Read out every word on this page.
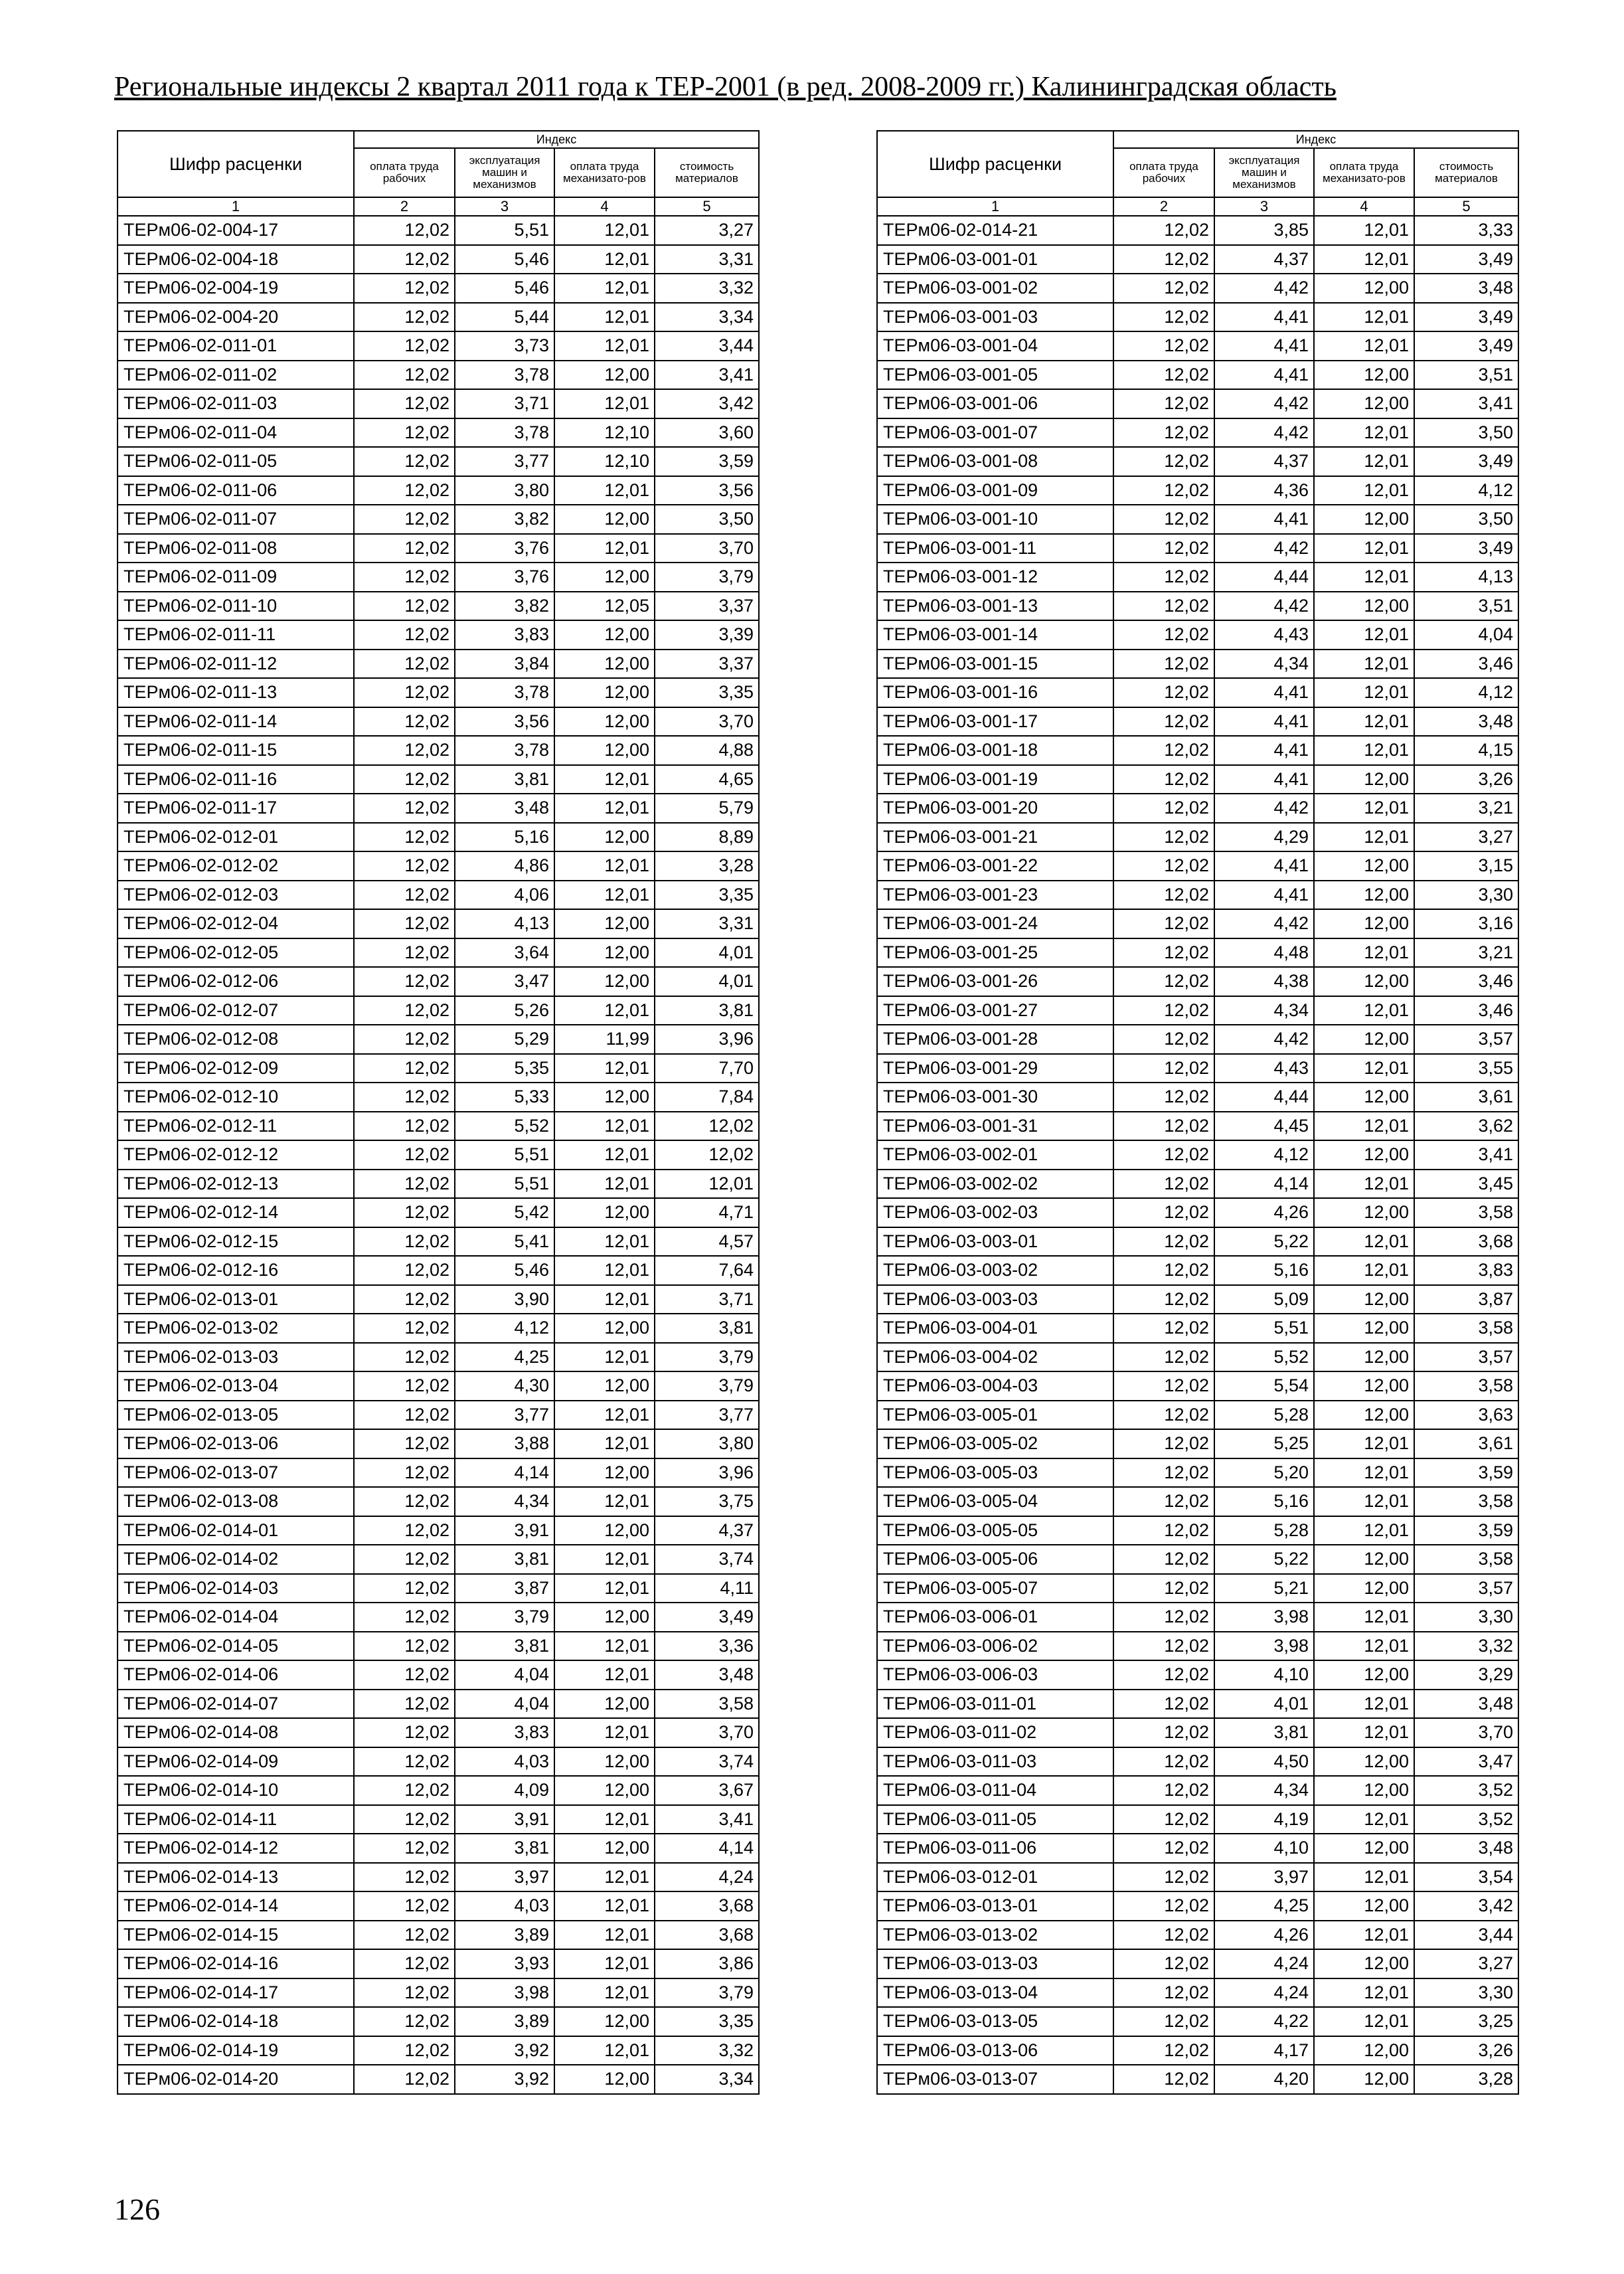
Региональные индексы 2 квартал 2011 года к ТЕР-2001 (в ред. 2008-2009 гг.) Калининградская область
Шифр расценки	Индекс			
	оплата труда рабочих	эксплуатация машин и механизмов	оплата труда механизато-ров	стоимость материалов
1	2	3	4	5
ТЕРм06-02-004-17	12,02	5,51	12,01	3,27
ТЕРм06-02-004-18	12,02	5,46	12,01	3,31
ТЕРм06-02-004-19	12,02	5,46	12,01	3,32
ТЕРм06-02-004-20	12,02	5,44	12,01	3,34
ТЕРм06-02-011-01	12,02	3,73	12,01	3,44
ТЕРм06-02-011-02	12,02	3,78	12,00	3,41
ТЕРм06-02-011-03	12,02	3,71	12,01	3,42
ТЕРм06-02-011-04	12,02	3,78	12,10	3,60
ТЕРм06-02-011-05	12,02	3,77	12,10	3,59
ТЕРм06-02-011-06	12,02	3,80	12,01	3,56
ТЕРм06-02-011-07	12,02	3,82	12,00	3,50
ТЕРм06-02-011-08	12,02	3,76	12,01	3,70
ТЕРм06-02-011-09	12,02	3,76	12,00	3,79
ТЕРм06-02-011-10	12,02	3,82	12,05	3,37
ТЕРм06-02-011-11	12,02	3,83	12,00	3,39
ТЕРм06-02-011-12	12,02	3,84	12,00	3,37
ТЕРм06-02-011-13	12,02	3,78	12,00	3,35
ТЕРм06-02-011-14	12,02	3,56	12,00	3,70
ТЕРм06-02-011-15	12,02	3,78	12,00	4,88
ТЕРм06-02-011-16	12,02	3,81	12,01	4,65
ТЕРм06-02-011-17	12,02	3,48	12,01	5,79
ТЕРм06-02-012-01	12,02	5,16	12,00	8,89
ТЕРм06-02-012-02	12,02	4,86	12,01	3,28
ТЕРм06-02-012-03	12,02	4,06	12,01	3,35
ТЕРм06-02-012-04	12,02	4,13	12,00	3,31
ТЕРм06-02-012-05	12,02	3,64	12,00	4,01
ТЕРм06-02-012-06	12,02	3,47	12,00	4,01
ТЕРм06-02-012-07	12,02	5,26	12,01	3,81
ТЕРм06-02-012-08	12,02	5,29	11,99	3,96
ТЕРм06-02-012-09	12,02	5,35	12,01	7,70
ТЕРм06-02-012-10	12,02	5,33	12,00	7,84
ТЕРм06-02-012-11	12,02	5,52	12,01	12,02
ТЕРм06-02-012-12	12,02	5,51	12,01	12,02
ТЕРм06-02-012-13	12,02	5,51	12,01	12,01
ТЕРм06-02-012-14	12,02	5,42	12,00	4,71
ТЕРм06-02-012-15	12,02	5,41	12,01	4,57
ТЕРм06-02-012-16	12,02	5,46	12,01	7,64
ТЕРм06-02-013-01	12,02	3,90	12,01	3,71
ТЕРм06-02-013-02	12,02	4,12	12,00	3,81
ТЕРм06-02-013-03	12,02	4,25	12,01	3,79
ТЕРм06-02-013-04	12,02	4,30	12,00	3,79
ТЕРм06-02-013-05	12,02	3,77	12,01	3,77
ТЕРм06-02-013-06	12,02	3,88	12,01	3,80
ТЕРм06-02-013-07	12,02	4,14	12,00	3,96
ТЕРм06-02-013-08	12,02	4,34	12,01	3,75
ТЕРм06-02-014-01	12,02	3,91	12,00	4,37
ТЕРм06-02-014-02	12,02	3,81	12,01	3,74
ТЕРм06-02-014-03	12,02	3,87	12,01	4,11
ТЕРм06-02-014-04	12,02	3,79	12,00	3,49
ТЕРм06-02-014-05	12,02	3,81	12,01	3,36
ТЕРм06-02-014-06	12,02	4,04	12,01	3,48
ТЕРм06-02-014-07	12,02	4,04	12,00	3,58
ТЕРм06-02-014-08	12,02	3,83	12,01	3,70
ТЕРм06-02-014-09	12,02	4,03	12,00	3,74
ТЕРм06-02-014-10	12,02	4,09	12,00	3,67
ТЕРм06-02-014-11	12,02	3,91	12,01	3,41
ТЕРм06-02-014-12	12,02	3,81	12,00	4,14
ТЕРм06-02-014-13	12,02	3,97	12,01	4,24
ТЕРм06-02-014-14	12,02	4,03	12,01	3,68
ТЕРм06-02-014-15	12,02	3,89	12,01	3,68
ТЕРм06-02-014-16	12,02	3,93	12,01	3,86
ТЕРм06-02-014-17	12,02	3,98	12,01	3,79
ТЕРм06-02-014-18	12,02	3,89	12,00	3,35
ТЕРм06-02-014-19	12,02	3,92	12,01	3,32
ТЕРм06-02-014-20	12,02	3,92	12,00	3,34
Шифр расценки	Индекс			
	оплата труда рабочих	эксплуатация машин и механизмов	оплата труда механизато-ров	стоимость материалов
1	2	3	4	5
ТЕРм06-02-014-21	12,02	3,85	12,01	3,33
ТЕРм06-03-001-01	12,02	4,37	12,01	3,49
ТЕРм06-03-001-02	12,02	4,42	12,00	3,48
ТЕРм06-03-001-03	12,02	4,41	12,01	3,49
ТЕРм06-03-001-04	12,02	4,41	12,01	3,49
ТЕРм06-03-001-05	12,02	4,41	12,00	3,51
ТЕРм06-03-001-06	12,02	4,42	12,00	3,41
ТЕРм06-03-001-07	12,02	4,42	12,01	3,50
ТЕРм06-03-001-08	12,02	4,37	12,01	3,49
ТЕРм06-03-001-09	12,02	4,36	12,01	4,12
ТЕРм06-03-001-10	12,02	4,41	12,00	3,50
ТЕРм06-03-001-11	12,02	4,42	12,01	3,49
ТЕРм06-03-001-12	12,02	4,44	12,01	4,13
ТЕРм06-03-001-13	12,02	4,42	12,00	3,51
ТЕРм06-03-001-14	12,02	4,43	12,01	4,04
ТЕРм06-03-001-15	12,02	4,34	12,01	3,46
ТЕРм06-03-001-16	12,02	4,41	12,01	4,12
ТЕРм06-03-001-17	12,02	4,41	12,01	3,48
ТЕРм06-03-001-18	12,02	4,41	12,01	4,15
ТЕРм06-03-001-19	12,02	4,41	12,00	3,26
ТЕРм06-03-001-20	12,02	4,42	12,01	3,21
ТЕРм06-03-001-21	12,02	4,29	12,01	3,27
ТЕРм06-03-001-22	12,02	4,41	12,00	3,15
ТЕРм06-03-001-23	12,02	4,41	12,00	3,30
ТЕРм06-03-001-24	12,02	4,42	12,00	3,16
ТЕРм06-03-001-25	12,02	4,48	12,01	3,21
ТЕРм06-03-001-26	12,02	4,38	12,00	3,46
ТЕРм06-03-001-27	12,02	4,34	12,01	3,46
ТЕРм06-03-001-28	12,02	4,42	12,00	3,57
ТЕРм06-03-001-29	12,02	4,43	12,01	3,55
ТЕРм06-03-001-30	12,02	4,44	12,00	3,61
ТЕРм06-03-001-31	12,02	4,45	12,01	3,62
ТЕРм06-03-002-01	12,02	4,12	12,00	3,41
ТЕРм06-03-002-02	12,02	4,14	12,01	3,45
ТЕРм06-03-002-03	12,02	4,26	12,00	3,58
ТЕРм06-03-003-01	12,02	5,22	12,01	3,68
ТЕРм06-03-003-02	12,02	5,16	12,01	3,83
ТЕРм06-03-003-03	12,02	5,09	12,00	3,87
ТЕРм06-03-004-01	12,02	5,51	12,00	3,58
ТЕРм06-03-004-02	12,02	5,52	12,00	3,57
ТЕРм06-03-004-03	12,02	5,54	12,00	3,58
ТЕРм06-03-005-01	12,02	5,28	12,00	3,63
ТЕРм06-03-005-02	12,02	5,25	12,01	3,61
ТЕРм06-03-005-03	12,02	5,20	12,01	3,59
ТЕРм06-03-005-04	12,02	5,16	12,01	3,58
ТЕРм06-03-005-05	12,02	5,28	12,01	3,59
ТЕРм06-03-005-06	12,02	5,22	12,00	3,58
ТЕРм06-03-005-07	12,02	5,21	12,00	3,57
ТЕРм06-03-006-01	12,02	3,98	12,01	3,30
ТЕРм06-03-006-02	12,02	3,98	12,01	3,32
ТЕРм06-03-006-03	12,02	4,10	12,00	3,29
ТЕРм06-03-011-01	12,02	4,01	12,01	3,48
ТЕРм06-03-011-02	12,02	3,81	12,01	3,70
ТЕРм06-03-011-03	12,02	4,50	12,00	3,47
ТЕРм06-03-011-04	12,02	4,34	12,00	3,52
ТЕРм06-03-011-05	12,02	4,19	12,01	3,52
ТЕРм06-03-011-06	12,02	4,10	12,00	3,48
ТЕРм06-03-012-01	12,02	3,97	12,01	3,54
ТЕРм06-03-013-01	12,02	4,25	12,00	3,42
ТЕРм06-03-013-02	12,02	4,26	12,01	3,44
ТЕРм06-03-013-03	12,02	4,24	12,00	3,27
ТЕРм06-03-013-04	12,02	4,24	12,01	3,30
ТЕРм06-03-013-05	12,02	4,22	12,01	3,25
ТЕРм06-03-013-06	12,02	4,17	12,00	3,26
ТЕРм06-03-013-07	12,02	4,20	12,00	3,28
126
